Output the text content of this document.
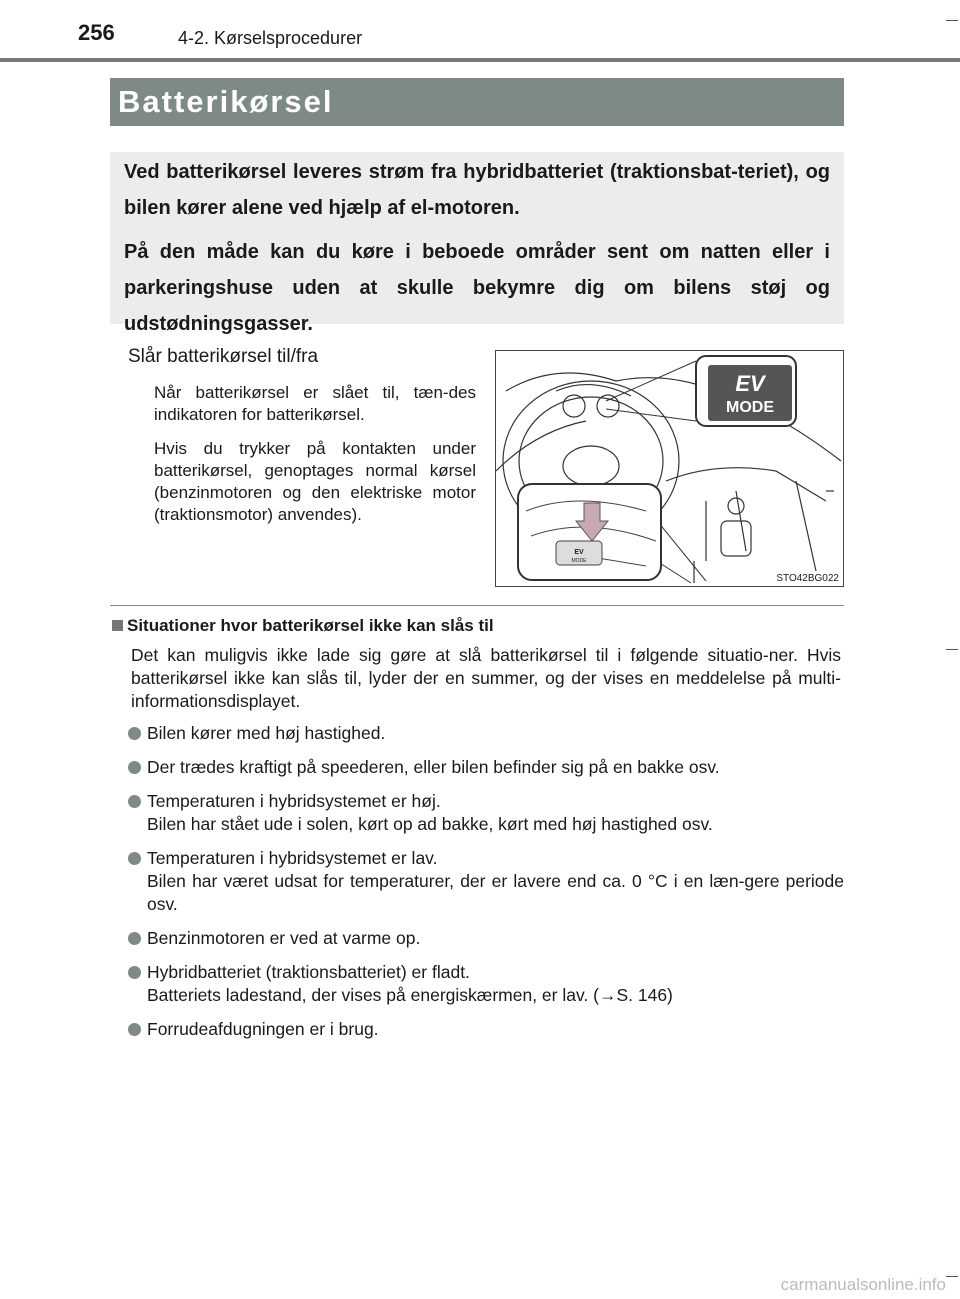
256	4-2. Kørselsprocedurer
Batterikørsel

Ved batterikørsel leveres strøm fra hybridbatteriet (traktionsbat-teriet), og bilen kører alene ved hjælp af el-motoren.

På den måde kan du køre i beboede områder sent om natten eller i parkeringshuse uden at skulle bekymre dig om bilens støj og udstødningsgasser.

Slår batterikørsel til/fra

Når batterikørsel er slået til, tæn-des indikatoren for batterikørsel.

Hvis du trykker på kontakten under batterikørsel, genoptages normal kørsel (benzinmotoren og den elektriske motor (traktionsmotor) anvendes).

EV
MODE
EV
MODE
STO42BG022
Situationer hvor batterikørsel ikke kan slås til

Det kan muligvis ikke lade sig gøre at slå batterikørsel til i følgende situatio-ner. Hvis batterikørsel ikke kan slås til, lyder der en summer, og der vises en meddelelse på multi-informationsdisplayet.

Bilen kører med høj hastighed.
Der trædes kraftigt på speederen, eller bilen befinder sig på en bakke osv.
Temperaturen i hybridsystemet er høj.
Bilen har stået ude i solen, kørt op ad bakke, kørt med høj hastighed osv.
Temperaturen i hybridsystemet er lav.
Bilen har været udsat for temperaturer, der er lavere end ca. 0 °C i en læn-gere periode osv.
Benzinmotoren er ved at varme op.
Hybridbatteriet (traktionsbatteriet) er fladt.
Batteriets ladestand, der vises på energiskærmen, er lav. (→S. 146)
Forrudeafdugningen er i brug.
carmanualsonline.info
